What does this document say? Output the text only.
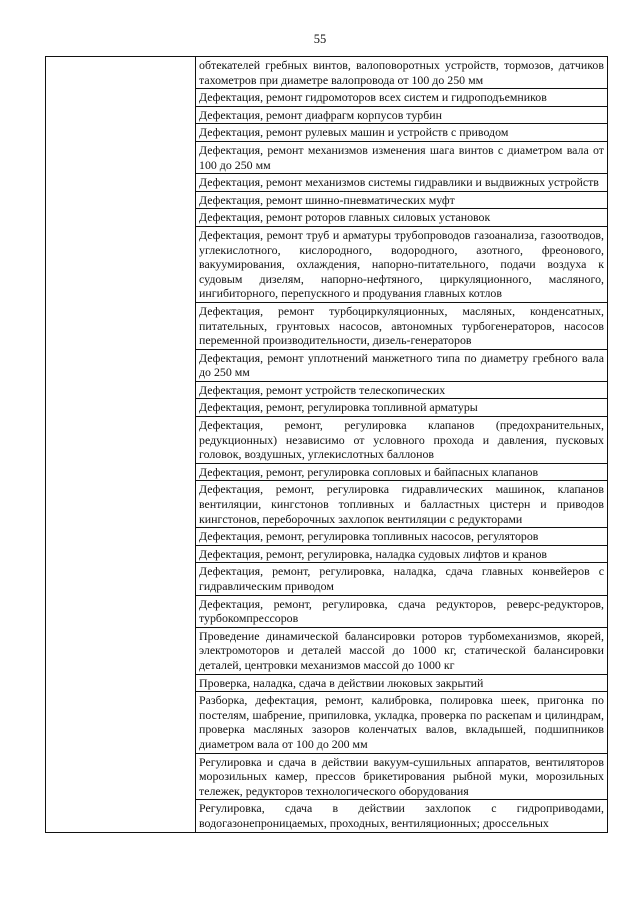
55

обтекателей гребных винтов, валоповоротных устройств, тормозов, датчиков тахометров при диаметре валопровода от 100 до 250 мм

Дефектация, ремонт гидромоторов всех систем и гидроподъемников

Дефектация, ремонт диафрагм корпусов турбин

Дефектация, ремонт рулевых машин и устройств с приводом

Дефектация, ремонт механизмов изменения шага винтов с диаметром вала от 100 до 250 мм

Дефектация, ремонт механизмов системы гидравлики и выдвижных устройств

Дефектация, ремонт шинно-пневматических муфт

Дефектация, ремонт роторов главных силовых установок

Дефектация, ремонт труб и арматуры трубопроводов газоанализа, газоотводов, углекислотного, кислородного, водородного, азотного, фреонового, вакуумирования, охлаждения, напорно-питательного, подачи воздуха к судовым дизелям, напорно-нефтяного, циркуляционного, масляного, ингибиторного, перепускного и продувания главных котлов

Дефектация, ремонт турбоциркуляционных, масляных, конденсатных, питательных, грунтовых насосов, автономных турбогенераторов, насосов переменной производительности, дизель-генераторов

Дефектация, ремонт уплотнений манжетного типа по диаметру гребного вала до 250 мм

Дефектация, ремонт устройств телескопических

Дефектация, ремонт, регулировка топливной арматуры

Дефектация, ремонт, регулировка клапанов (предохранительных, редукционных) независимо от условного прохода и давления, пусковых головок, воздушных, углекислотных баллонов

Дефектация, ремонт, регулировка сопловых и байпасных клапанов

Дефектация, ремонт, регулировка гидравлических машинок, клапанов вентиляции, кингстонов топливных и балластных цистерн и приводов кингстонов, переборочных захлопок вентиляции с редукторами

Дефектация, ремонт, регулировка топливных насосов, регуляторов

Дефектация, ремонт, регулировка, наладка судовых лифтов и кранов

Дефектация, ремонт, регулировка, наладка, сдача главных конвейеров с гидравлическим приводом

Дефектация, ремонт, регулировка, сдача редукторов, реверс-редукторов, турбокомпрессоров

Проведение динамической балансировки роторов турбомеханизмов, якорей, электромоторов и деталей массой до 1000 кг, статической балансировки деталей, центровки механизмов массой до 1000 кг

Проверка, наладка, сдача в действии люковых закрытий

Разборка, дефектация, ремонт, калибровка, полировка шеек, пригонка по постелям, шабрение, припиловка, укладка, проверка по раскепам и цилиндрам, проверка масляных зазоров коленчатых валов, вкладышей, подшипников диаметром вала от 100 до 200 мм

Регулировка и сдача в действии вакуум-сушильных аппаратов, вентиляторов морозильных камер, прессов брикетирования рыбной муки, морозильных тележек, редукторов технологического оборудования

Регулировка, сдача в действии захлопок с гидроприводами, водогазонепроницаемых, проходных, вентиляционных; дроссельных
